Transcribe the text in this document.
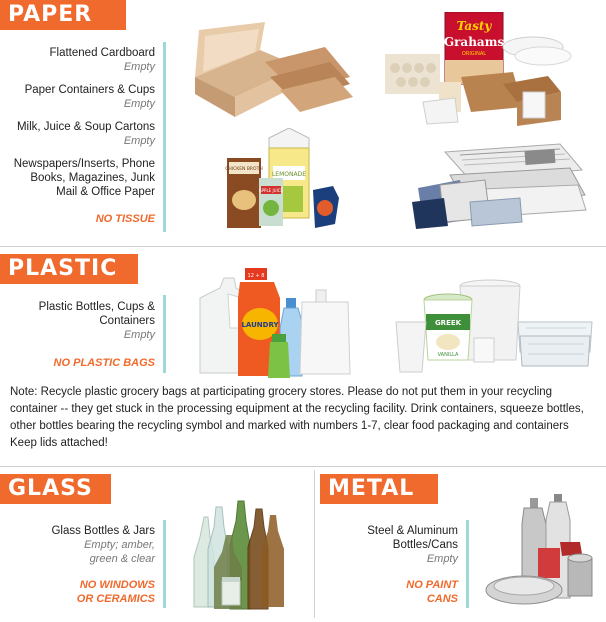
PAPER
Flattened Cardboard
Empty
Paper Containers & Cups
Empty
Milk, Juice & Soup Cartons
Empty
Newspapers/Inserts, Phone Books, Magazines, Junk Mail & Office Paper
NO TISSUE
Tasty
Grahams
ORIGINAL
LEMONADE
CHICKEN BROTH
APPLE JUICE
PLASTIC
Plastic Bottles, Cups & Containers
Empty
NO PLASTIC BAGS
LAUNDRY
12 + 8
GREEK
VANILLA
Note: Recycle plastic grocery bags at participating grocery stores. Please do not put them in your recycling container -- they get stuck in the processing equipment at the recycling facility. Drink containers, squeeze bottles, other bottles bearing the recycling symbol and marked with numbers 1-7, clear food packaging and containers Keep lids attached!
GLASS
Glass Bottles & Jars
Empty; amber, green & clear
NO WINDOWS
OR CERAMICS
METAL
Steel & Aluminum Bottles/Cans
Empty
NO PAINT
CANS
